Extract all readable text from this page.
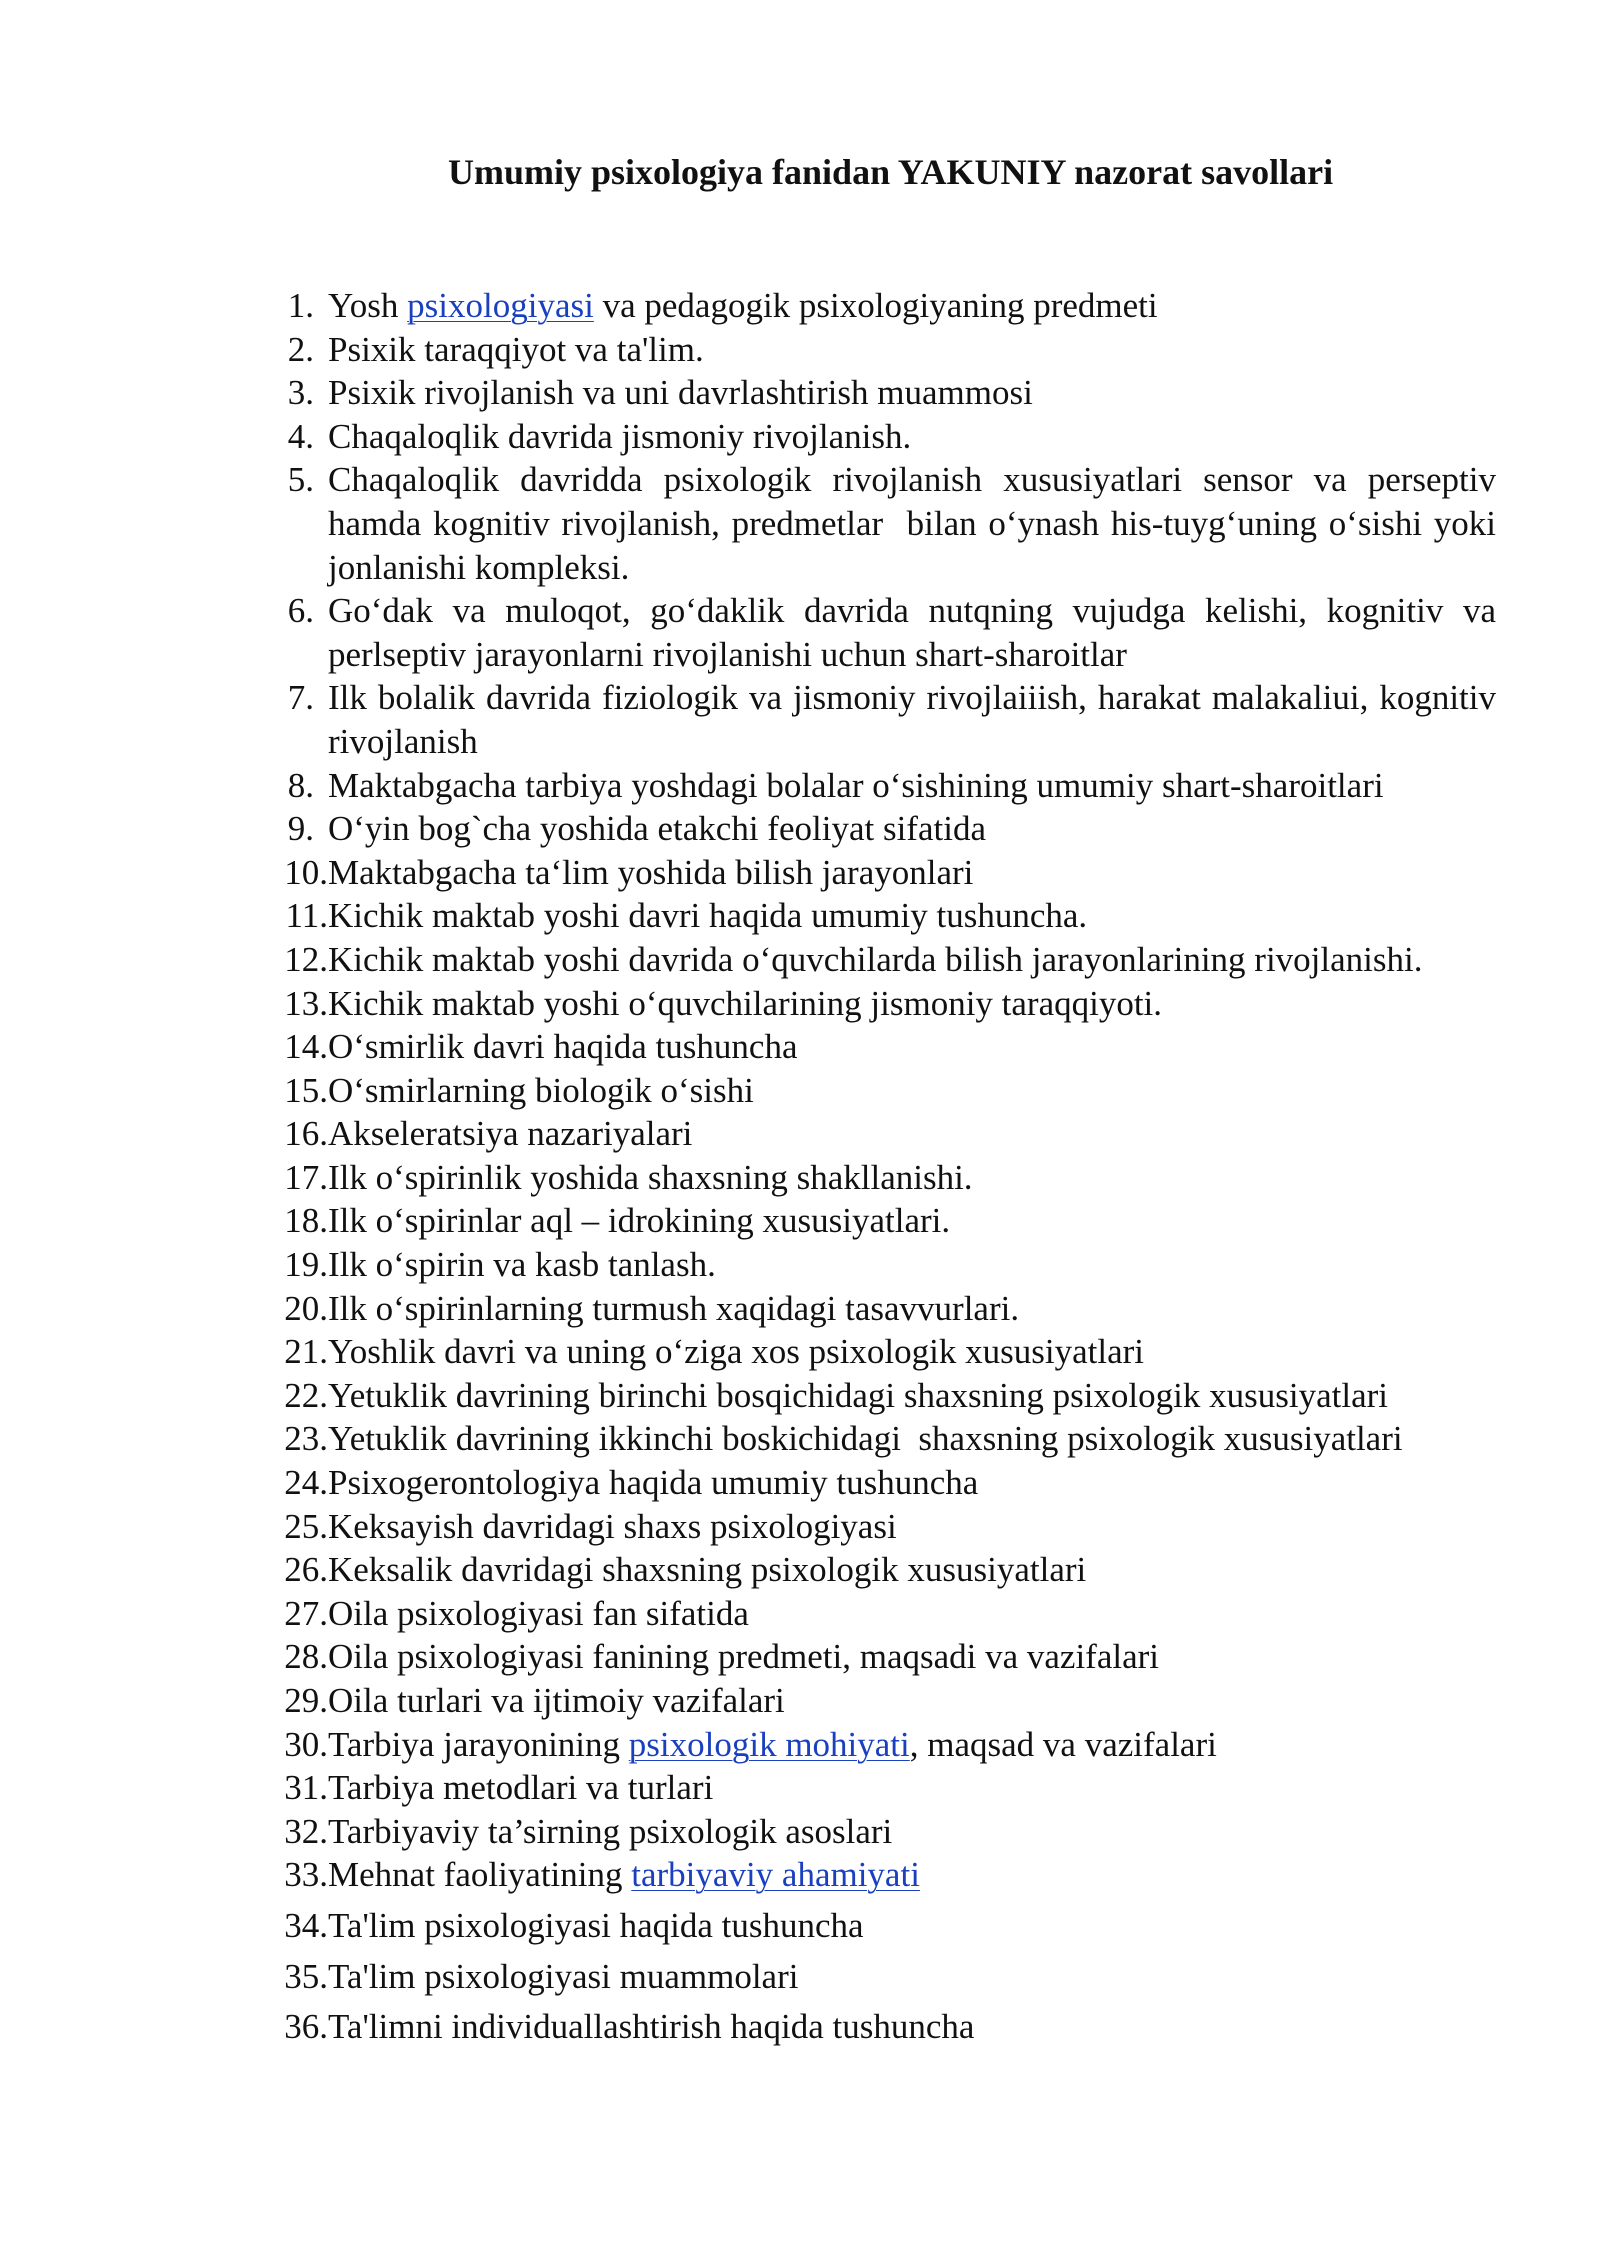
Umumiy psixologiya fanidan YAKUNIY nazorat savollari
1. Yosh psixologiyasi va pedagogik psixologiyaning predmeti
2. Psixik taraqqiyot va ta'lim.
3. Psixik rivojlanish va uni davrlashtirish muammosi
4. Chaqaloqlik davrida jismoniy rivojlanish.
5. Chaqaloqlik davridda psixologik rivojlanish xususiyatlari sensor va perseptiv hamda kognitiv rivojlanish, predmetlar  bilan oʻynash his-tuygʻuning oʻsishi yoki jonlanishi kompleksi.
6. Goʻdak va muloqot, goʻdaklik davrida nutqning vujudga kelishi, kognitiv va perlseptiv jarayonlarni rivojlanishi uchun shart-sharoitlar
7. Ilk bolalik davrida fiziologik va jismoniy rivojlaiiish, harakat malakaliui, kognitiv rivojlanish
8. Maktabgacha tarbiya yoshdagi bolalar oʻsishining umumiy shart-sharoitlari
9. Oʻyin bog`cha yoshida etakchi feoliyat sifatida
10. Maktabgacha taʻlim yoshida bilish jarayonlari
11. Kichik maktab yoshi davri haqida umumiy tushuncha.
12. Kichik maktab yoshi davrida oʻquvchilarda bilish jarayonlarining rivojlanishi.
13. Kichik maktab yoshi oʻquvchilarining jismoniy taraqqiyoti.
14. Oʻsmirlik davri haqida tushuncha
15. Oʻsmirlarning biologik oʻsishi
16. Akseleratsiya nazariyalari
17. Ilk oʻspirinlik yoshida shaxsning shakllanishi.
18. Ilk oʻspirinlar aql – idrokining xususiyatlari.
19. Ilk oʻspirin va kasb tanlash.
20. Ilk oʻspirinlarning turmush xaqidagi tasavvurlari.
21. Yoshlik davri va uning oʻziga xos psixologik xususiyatlari
22. Yetuklik davrining birinchi bosqichidagi shaxsning psixologik xususiyatlari
23. Yetuklik davrining ikkinchi boskichidagi  shaxsning psixologik xususiyatlari
24. Psixogerontologiya haqida umumiy tushuncha
25. Keksayish davridagi shaxs psixologiyasi
26. Keksalik davridagi shaxsning psixologik xususiyatlari
27. Oila psixologiyasi fan sifatida
28. Oila psixologiyasi fanining predmeti, maqsadi va vazifalari
29. Oila turlari va ijtimoiy vazifalari
30. Tarbiya jarayonining psixologik mohiyati, maqsad va vazifalari
31. Tarbiya metodlari va turlari
32. Tarbiyaviy ta’sirning psixologik asoslari
33. Mehnat faoliyatining tarbiyaviy ahamiyati
34. Ta'lim psixologiyasi haqida tushuncha
35. Ta'lim psixologiyasi muammolari
36. Ta'limni individuallashtirish haqida tushuncha
